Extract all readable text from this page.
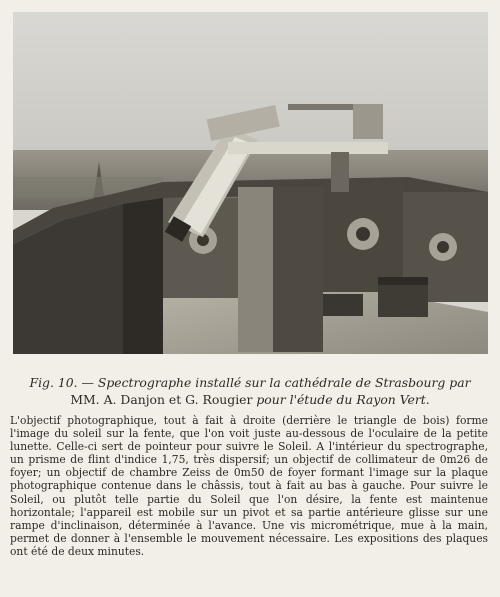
Fig. 10. — Spectrographe installé sur la cathédrale de Strasbourg par
MM. A. Danjon et G. Rougier pour l'étude du Rayon Vert.

L'objectif photographique, tout à fait à droite (derrière le triangle de bois) forme l'image du soleil sur la fente, que l'on voit juste au-dessous de l'oculaire de la petite lunette. Celle-ci sert de pointeur pour suivre le Soleil. A l'intérieur du spectrographe, un prisme de flint d'indice 1,75, très dispersif; un objectif de collimateur de 0m26 de foyer; un objectif de chambre Zeiss de 0m50 de foyer formant l'image sur la plaque photographique contenue dans le châssis, tout à fait au bas à gauche. Pour suivre le Soleil, ou plutôt telle partie du Soleil que l'on désire, la fente est maintenue horizontale; l'appareil est mobile sur un pivot et sa partie antérieure glisse sur une rampe d'inclinaison, déterminée à l'avance. Une vis micrométrique, mue à la main, permet de donner à l'ensemble le mouvement nécessaire. Les expositions des plaques ont été de deux minutes.
